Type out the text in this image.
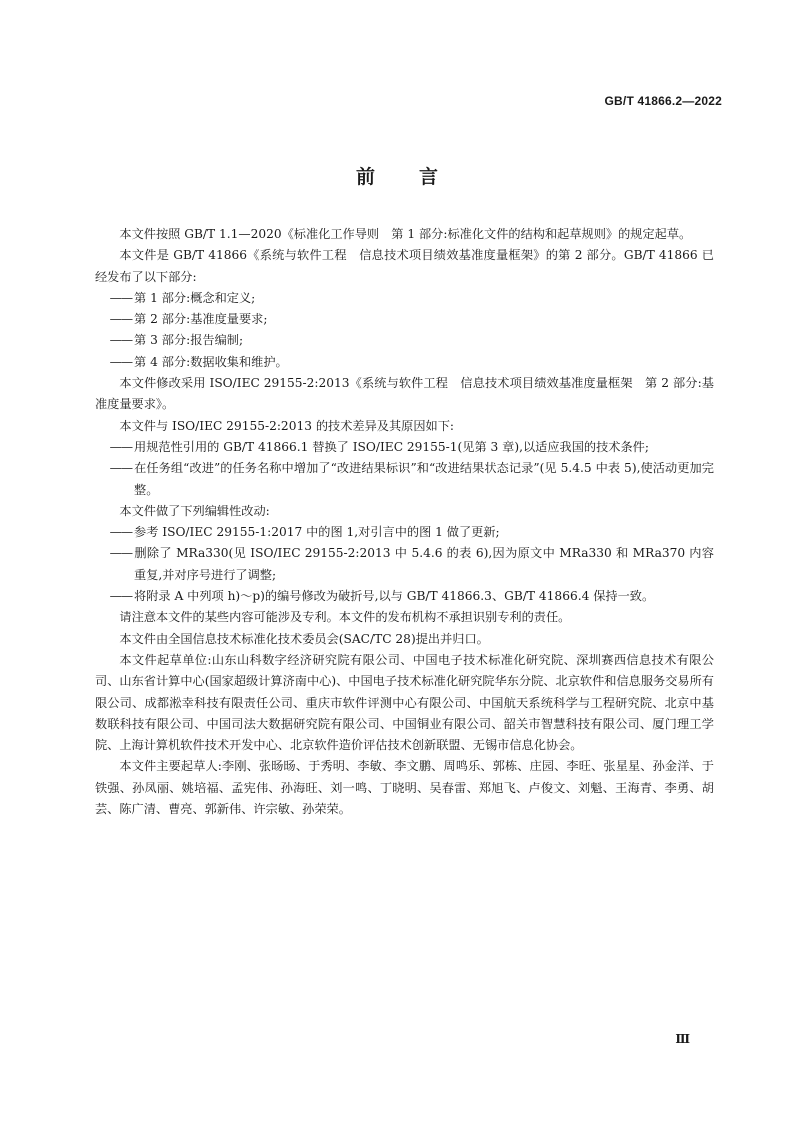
GB/T 41866.2—2022
前言

本文件按照 GB/T 1.1—2020《标准化工作导则　第 1 部分:标准化文件的结构和起草规则》的规定起草。

本文件是 GB/T 41866《系统与软件工程　信息技术项目绩效基准度量框架》的第 2 部分。GB/T 41866 已经发布了以下部分:

—— 第 1 部分:概念和定义;
—— 第 2 部分:基准度量要求;
—— 第 3 部分:报告编制;
—— 第 4 部分:数据收集和维护。

本文件修改采用 ISO/IEC 29155-2:2013《系统与软件工程　信息技术项目绩效基准度量框架　第 2 部分:基准度量要求》。

本文件与 ISO/IEC 29155-2:2013 的技术差异及其原因如下:

—— 用规范性引用的 GB/T 41866.1 替换了 ISO/IEC 29155-1(见第 3 章),以适应我国的技术条件;
—— 在任务组“改进”的任务名称中增加了“改进结果标识”和“改进结果状态记录”(见 5.4.5 中表 5),使活动更加完整。

本文件做了下列编辑性改动:

—— 参考 ISO/IEC 29155-1:2017 中的图 1,对引言中的图 1 做了更新;
—— 删除了 MRa330(见 ISO/IEC 29155-2:2013 中 5.4.6 的表 6),因为原文中 MRa330 和 MRa370 内容重复,并对序号进行了调整;
—— 将附录 A 中列项 h)～p)的编号修改为破折号,以与 GB/T 41866.3、GB/T 41866.4 保持一致。

请注意本文件的某些内容可能涉及专利。本文件的发布机构不承担识别专利的责任。

本文件由全国信息技术标准化技术委员会(SAC/TC 28)提出并归口。

本文件起草单位:山东山科数字经济研究院有限公司、中国电子技术标准化研究院、深圳赛西信息技术有限公司、山东省计算中心(国家超级计算济南中心)、中国电子技术标准化研究院华东分院、北京软件和信息服务交易所有限公司、成都淞幸科技有限责任公司、重庆市软件评测中心有限公司、中国航天系统科学与工程研究院、北京中基数联科技有限公司、中国司法大数据研究院有限公司、中国铜业有限公司、韶关市智慧科技有限公司、厦门理工学院、上海计算机软件技术开发中心、北京软件造价评估技术创新联盟、无锡市信息化协会。

本文件主要起草人:李刚、张旸旸、于秀明、李敏、李文鹏、周鸣乐、郭栋、庄园、李旺、张星星、孙金洋、于铁强、孙凤丽、姚培福、孟宪伟、孙海旺、刘一鸣、丁晓明、吴春雷、郑旭飞、卢俊文、刘魁、王海青、李勇、胡芸、陈广清、曹亮、郭新伟、许宗敏、孙荣荣。

Ⅲ
